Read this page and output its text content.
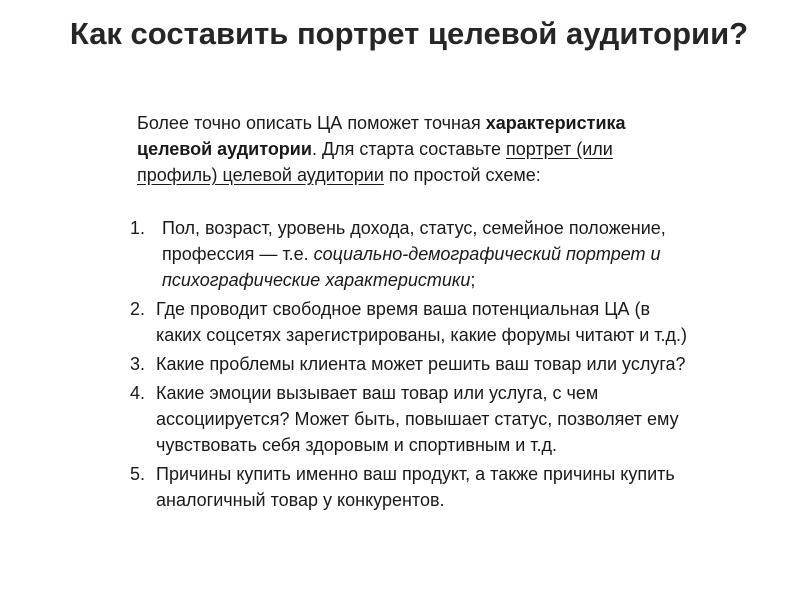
Как составить портрет целевой аудитории?

Более точно описать ЦА поможет точная характеристика целевой аудитории. Для старта составьте портрет (или профиль) целевой аудитории по простой схеме:

1. Пол, возраст, уровень дохода, статус, семейное положение, профессия — т.е. социально-демографический портрет и психографические характеристики;
2. Где проводит свободное время ваша потенциальная ЦА (в каких соцсетях зарегистрированы, какие форумы читают и т.д.)
3. Какие проблемы клиента может решить ваш товар или услуга?
4. Какие эмоции вызывает ваш товар или услуга, с чем ассоциируется? Может быть, повышает статус, позволяет ему чувствовать себя здоровым и спортивным и т.д.
5. Причины купить именно ваш продукт, а также причины купить аналогичный товар у конкурентов.
